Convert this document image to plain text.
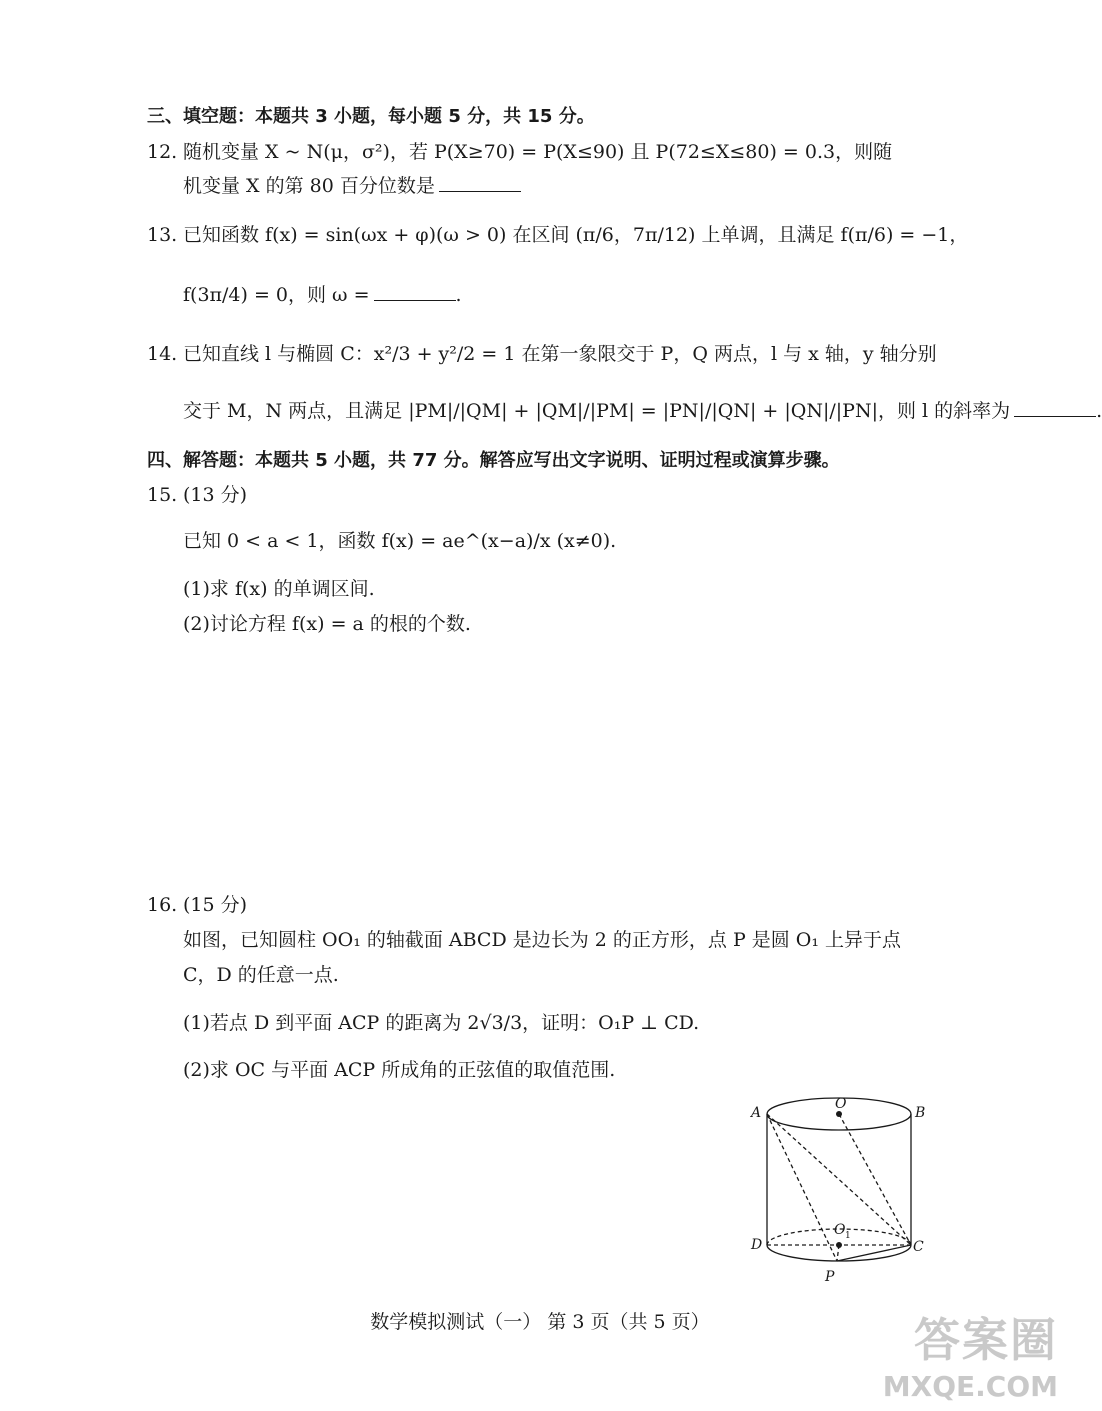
三、填空题：本题共 3 小题，每小题 5 分，共 15 分。
12. 随机变量 X ~ N(μ，σ²)，若 P(X≥70) = P(X≤90) 且 P(72≤X≤80) = 0.3，则随
机变量 X 的第 80 百分位数是
13. 已知函数 f(x) = sin(ωx + φ)(ω > 0) 在区间 (π/6，7π/12) 上单调，且满足 f(π/6) = −1，
f(3π/4) = 0，则 ω =	.
14. 已知直线 l 与椭圆 C：x²/3 + y²/2 = 1 在第一象限交于 P，Q 两点，l 与 x 轴，y 轴分别
交于 M，N 两点，且满足 |PM|/|QM| + |QM|/|PM| = |PN|/|QN| + |QN|/|PN|，则 l 的斜率为	.
四、解答题：本题共 5 小题，共 77 分。解答应写出文字说明、证明过程或演算步骤。
15. (13 分)
已知 0 < a < 1，函数 f(x) = ae^(x−a)/x (x≠0).
(1)求 f(x) 的单调区间.
(2)讨论方程 f(x) = a 的根的个数.
16. (15 分)
如图，已知圆柱 OO₁ 的轴截面 ABCD 是边长为 2 的正方形，点 P 是圆 O₁ 上异于点
C，D 的任意一点.
(1)若点 D 到平面 ACP 的距离为 2√3/3，证明：O₁P ⊥ CD.
(2)求 OC 与平面 ACP 所成角的正弦值的取值范围.
A
O
B
D
O 1
C
P
数学模拟测试（一） 第 3 页（共 5 页）	答案圈
MXQE.COM
